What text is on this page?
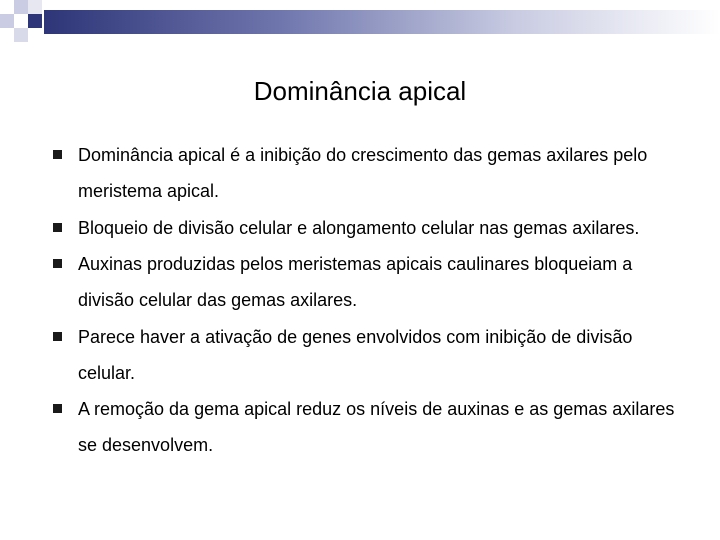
Dominância apical
Dominância apical é a inibição do crescimento das gemas axilares pelo meristema apical.
Bloqueio de divisão celular e alongamento celular nas gemas axilares.
Auxinas produzidas pelos meristemas apicais caulinares bloqueiam a divisão celular das gemas axilares.
Parece haver a ativação de genes envolvidos com inibição de divisão celular.
A remoção da gema apical reduz os níveis de auxinas e as gemas axilares se desenvolvem.
